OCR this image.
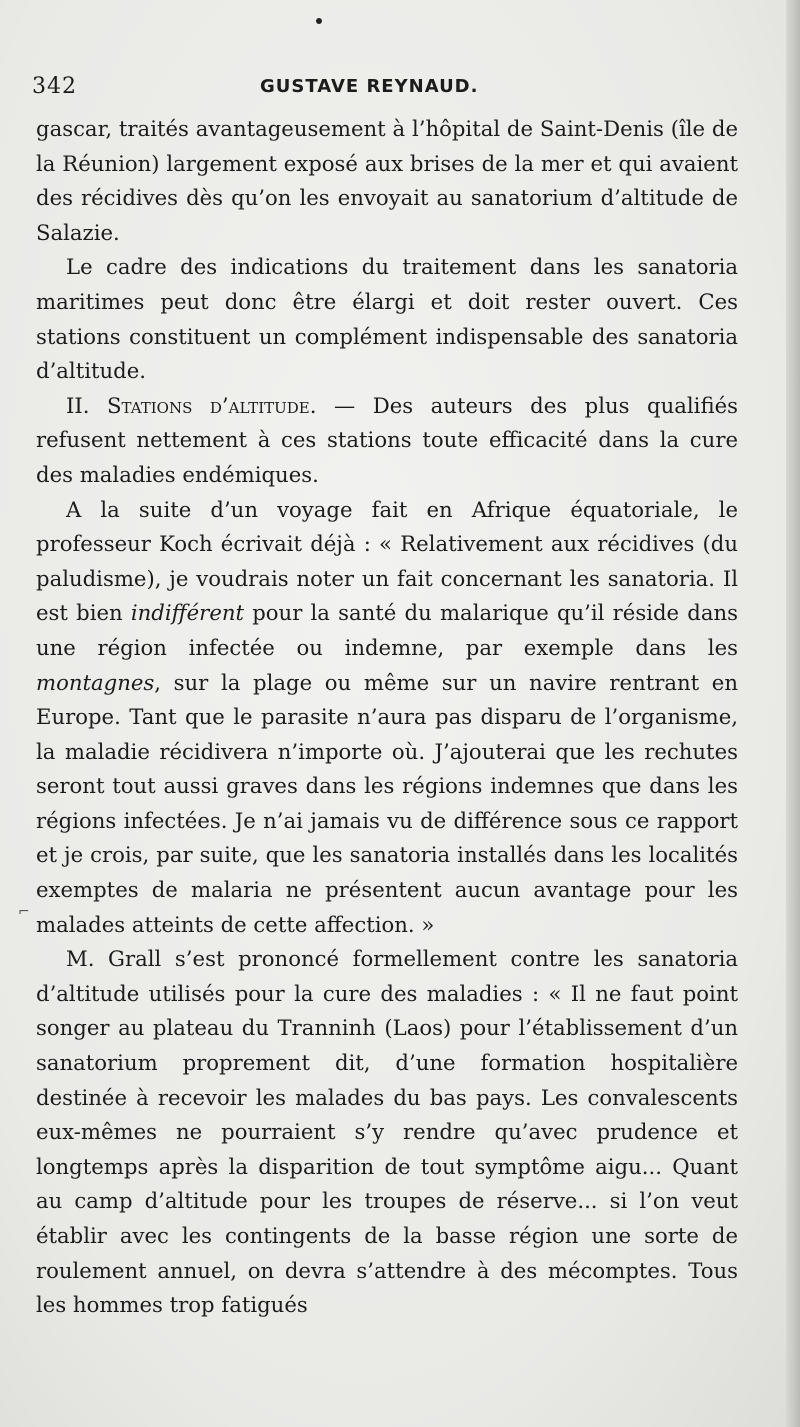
342	GUSTAVE REYNAUD.
⌐

gascar, traités avantageusement à l’hôpital de Saint-Denis (île de la Réunion) largement exposé aux brises de la mer et qui avaient des récidives dès qu’on les envoyait au sanatorium d’altitude de Salazie.

Le cadre des indications du traitement dans les sanatoria maritimes peut donc être élargi et doit rester ouvert. Ces stations constituent un complément indispensable des sanatoria d’altitude.

II. Stations d’altitude. — Des auteurs des plus qualifiés refusent nettement à ces stations toute efficacité dans la cure des maladies endémiques.

A la suite d’un voyage fait en Afrique équatoriale, le professeur Koch écrivait déjà : « Relativement aux récidives (du paludisme), je voudrais noter un fait concernant les sanatoria. Il est bien indifférent pour la santé du malarique qu’il réside dans une région infectée ou indemne, par exemple dans les montagnes, sur la plage ou même sur un navire rentrant en Europe. Tant que le parasite n’aura pas disparu de l’organisme, la maladie récidivera n’importe où. J’ajouterai que les rechutes seront tout aussi graves dans les régions indemnes que dans les régions infectées. Je n’ai jamais vu de différence sous ce rapport et je crois, par suite, que les sanatoria installés dans les localités exemptes de malaria ne présentent aucun avantage pour les malades atteints de cette affection. »

M. Grall s’est prononcé formellement contre les sanatoria d’altitude utilisés pour la cure des maladies : « Il ne faut point songer au plateau du Tranninh (Laos) pour l’établissement d’un sanatorium proprement dit, d’une formation hospitalière destinée à recevoir les malades du bas pays. Les convalescents eux-mêmes ne pourraient s’y rendre qu’avec prudence et longtemps après la disparition de tout symptôme aigu... Quant au camp d’altitude pour les troupes de réserve... si l’on veut établir avec les contingents de la basse région une sorte de roulement annuel, on devra s’attendre à des mécomptes. Tous les hommes trop fatigués
